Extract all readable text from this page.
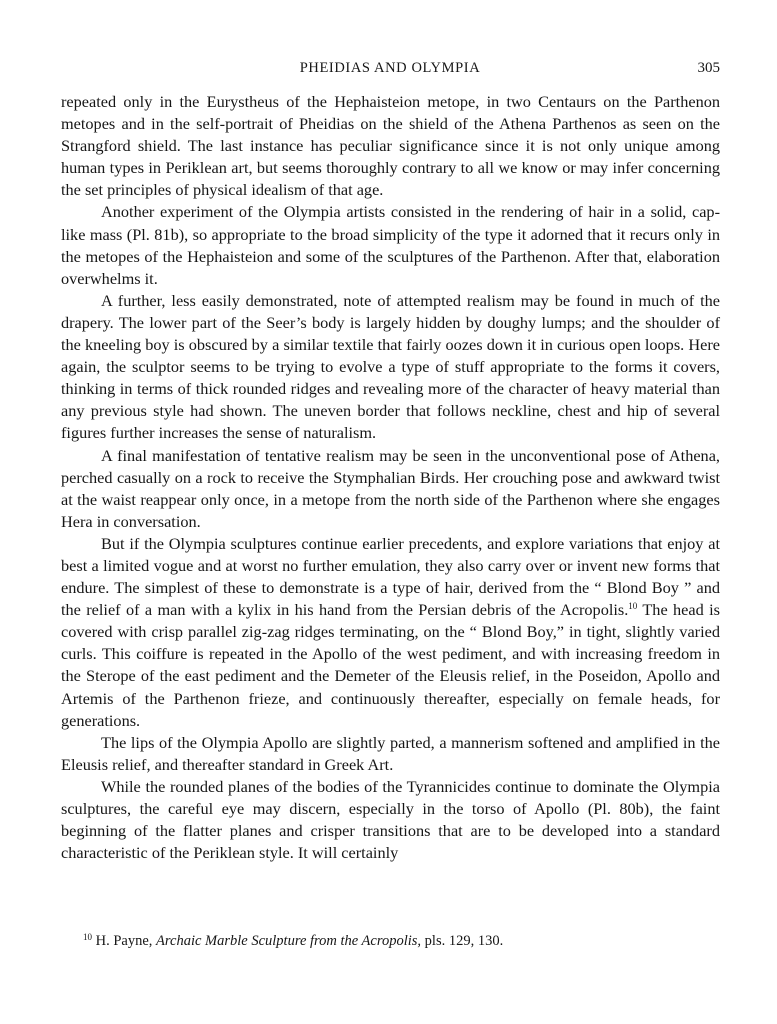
PHEIDIAS AND OLYMPIA	305

repeated only in the Eurystheus of the Hephaisteion metope, in two Centaurs on the Parthenon metopes and in the self-portrait of Pheidias on the shield of the Athena Parthenos as seen on the Strangford shield. The last instance has peculiar significance since it is not only unique among human types in Periklean art, but seems thoroughly contrary to all we know or may infer concerning the set principles of physical idealism of that age.

Another experiment of the Olympia artists consisted in the rendering of hair in a solid, cap-like mass (Pl. 81b), so appropriate to the broad simplicity of the type it adorned that it recurs only in the metopes of the Hephaisteion and some of the sculptures of the Parthenon. After that, elaboration overwhelms it.

A further, less easily demonstrated, note of attempted realism may be found in much of the drapery. The lower part of the Seer’s body is largely hidden by doughy lumps; and the shoulder of the kneeling boy is obscured by a similar textile that fairly oozes down it in curious open loops. Here again, the sculptor seems to be trying to evolve a type of stuff appropriate to the forms it covers, thinking in terms of thick rounded ridges and revealing more of the character of heavy material than any previous style had shown. The uneven border that follows neckline, chest and hip of several figures further increases the sense of naturalism.

A final manifestation of tentative realism may be seen in the unconventional pose of Athena, perched casually on a rock to receive the Stymphalian Birds. Her crouching pose and awkward twist at the waist reappear only once, in a metope from the north side of the Parthenon where she engages Hera in conversation.

But if the Olympia sculptures continue earlier precedents, and explore variations that enjoy at best a limited vogue and at worst no further emulation, they also carry over or invent new forms that endure. The simplest of these to demonstrate is a type of hair, derived from the “ Blond Boy ” and the relief of a man with a kylix in his hand from the Persian debris of the Acropolis.$^{10}$ The head is covered with crisp parallel zig-zag ridges terminating, on the “ Blond Boy,” in tight, slightly varied curls. This coiffure is repeated in the Apollo of the west pediment, and with increasing freedom in the Sterope of the east pediment and the Demeter of the Eleusis relief, in the Poseidon, Apollo and Artemis of the Parthenon frieze, and continuously thereafter, especially on female heads, for generations.

The lips of the Olympia Apollo are slightly parted, a mannerism softened and amplified in the Eleusis relief, and thereafter standard in Greek Art.

While the rounded planes of the bodies of the Tyrannicides continue to dominate the Olympia sculptures, the careful eye may discern, especially in the torso of Apollo (Pl. 80b), the faint beginning of the flatter planes and crisper transitions that are to be developed into a standard characteristic of the Periklean style. It will certainly

$^{10}$ H. Payne, Archaic Marble Sculpture from the Acropolis, pls. 129, 130.
